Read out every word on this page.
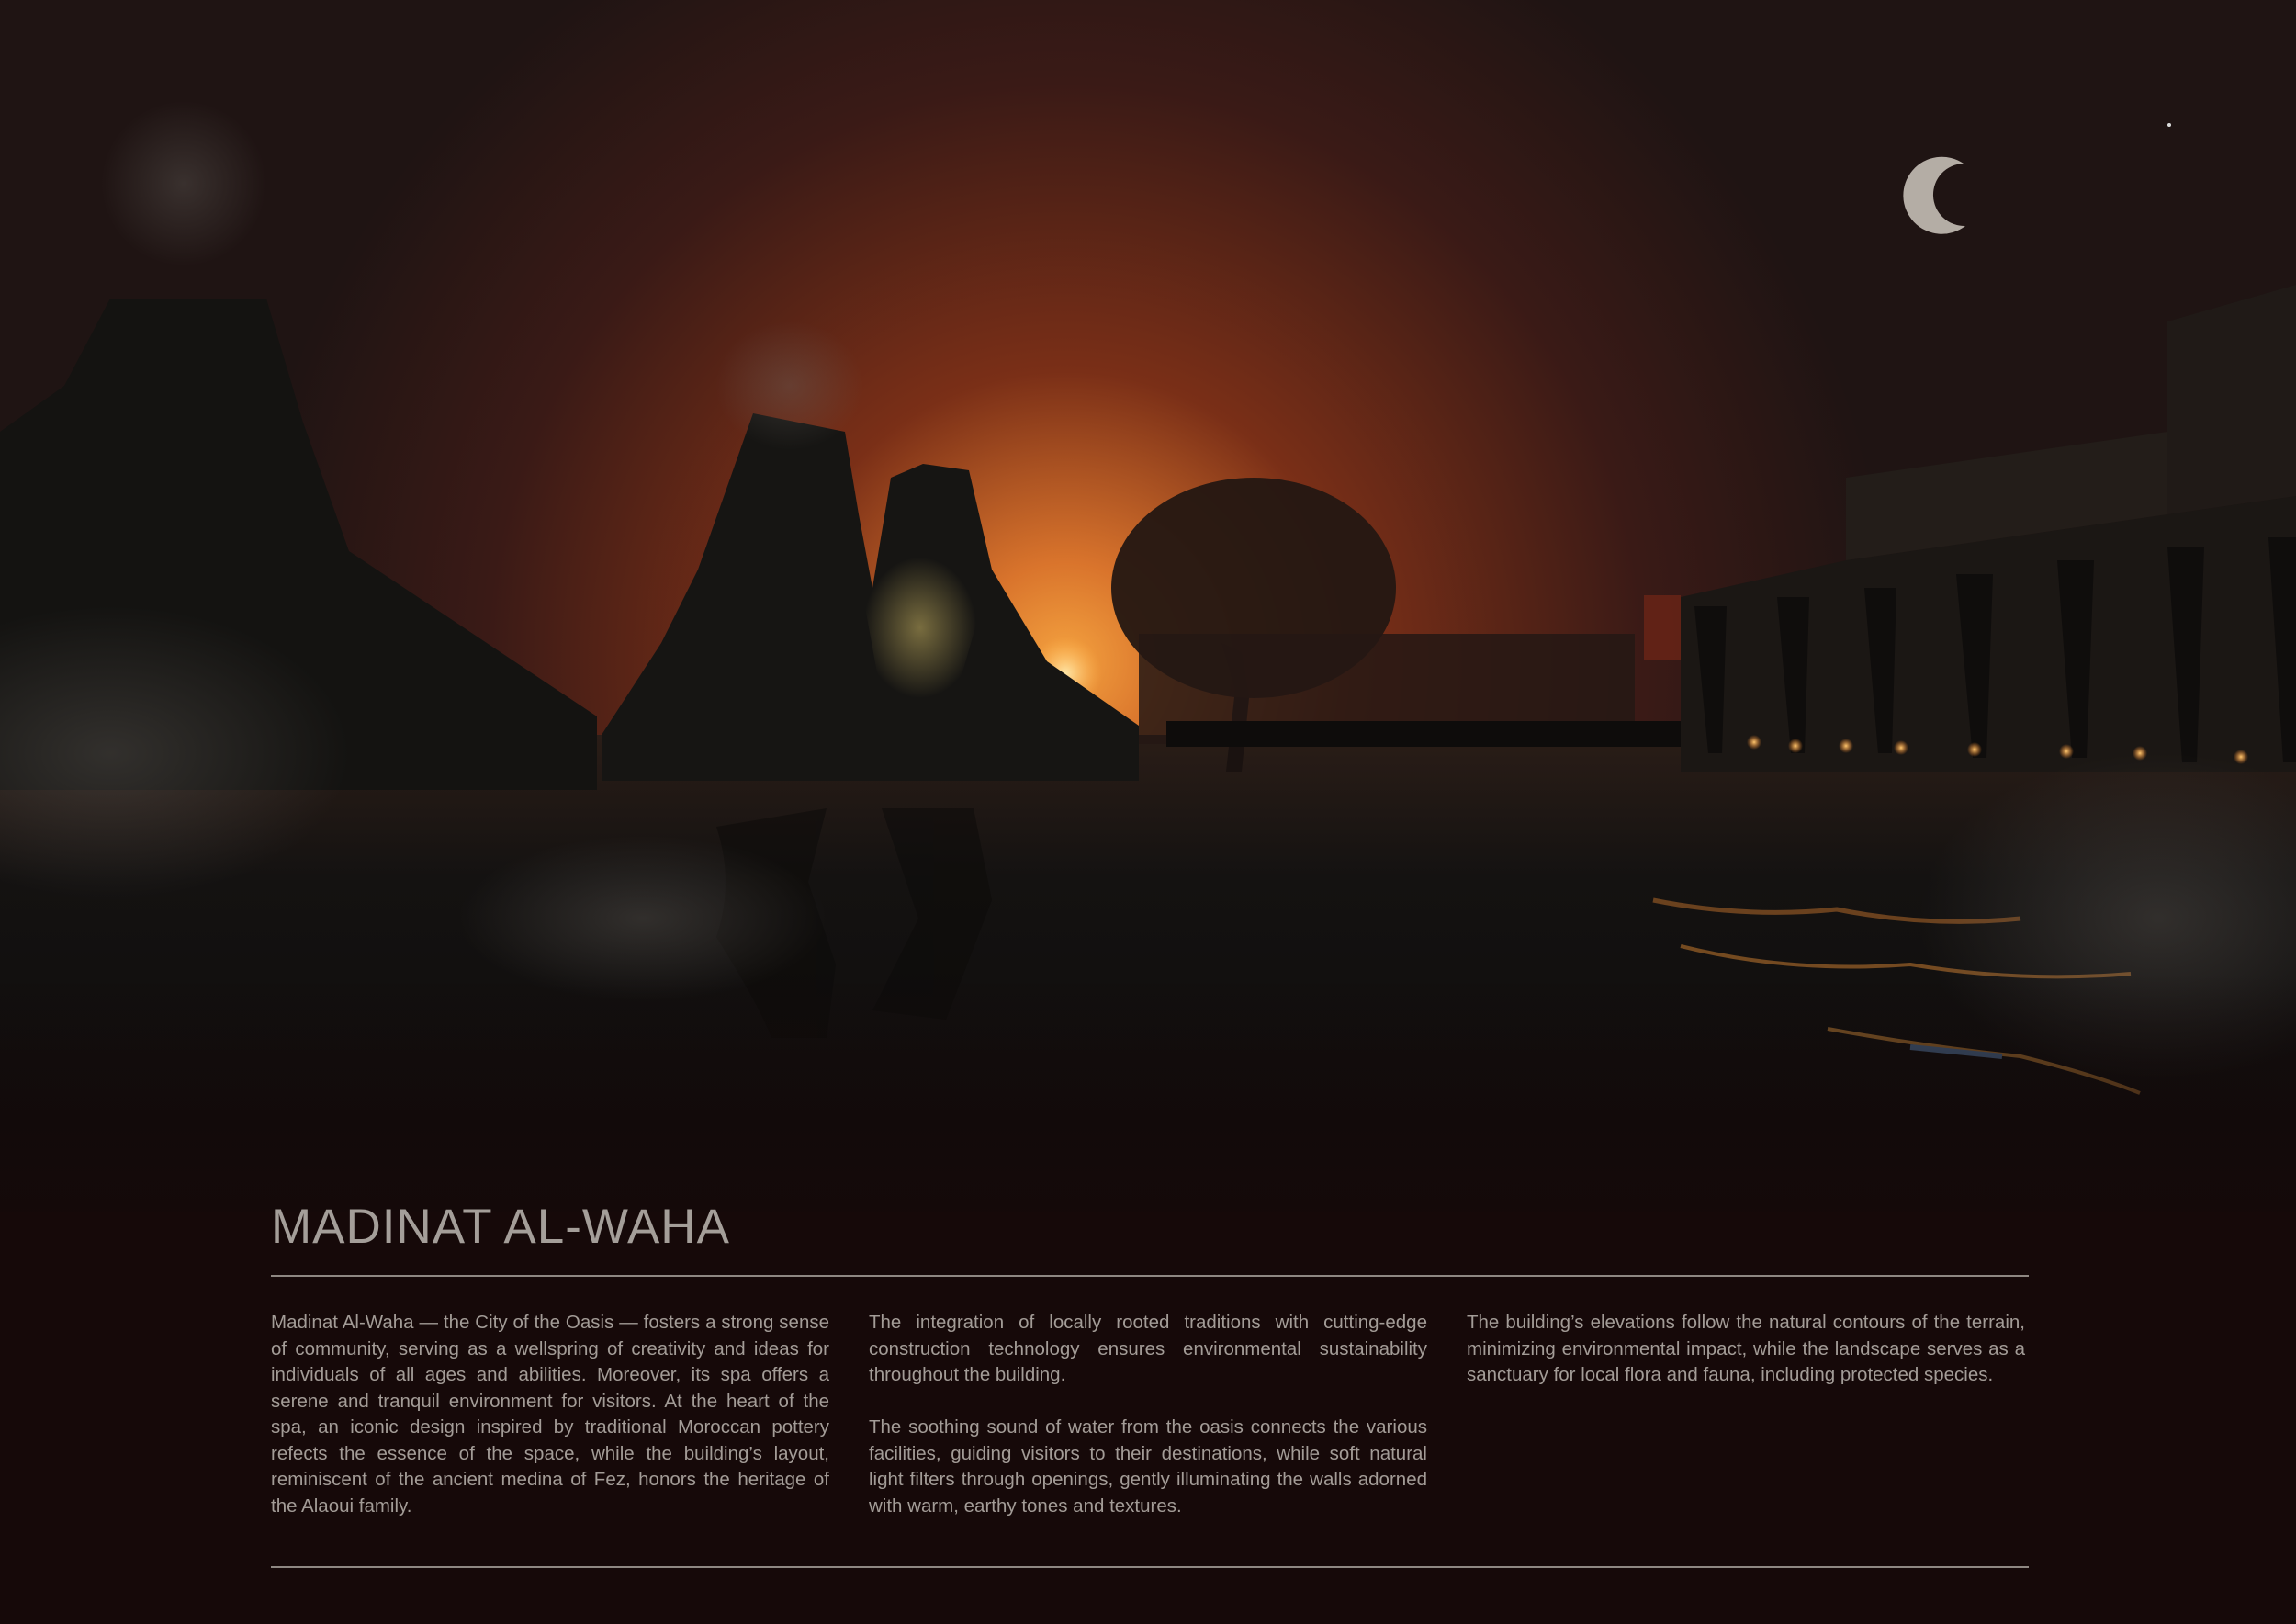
MADINAT AL-WAHA

Madinat Al-Waha — the City of the Oasis — fosters a strong sense of community, serving as a wellspring of creativity and ideas for individuals of all ages and abilities. Moreover, its spa offers a serene and tranquil environment for visitors. At the heart of the spa, an iconic design inspired by traditional Moroccan pottery refects the essence of the space, while the building’s layout, reminiscent of the ancient medina of Fez, honors the heritage of the Alaoui family.

The integration of locally rooted traditions with cutting-edge construction technology ensures environmental sustainability throughout the building.

The soothing sound of water from the oasis connects the various facilities, guiding visitors to their destinations, while soft natural light filters through openings, gently illuminating the walls adorned with warm, earthy tones and textures.

The building’s elevations follow the natural contours of the terrain, minimizing environmental impact, while the landscape serves as a sanctuary for local flora and fauna, including protected species.
